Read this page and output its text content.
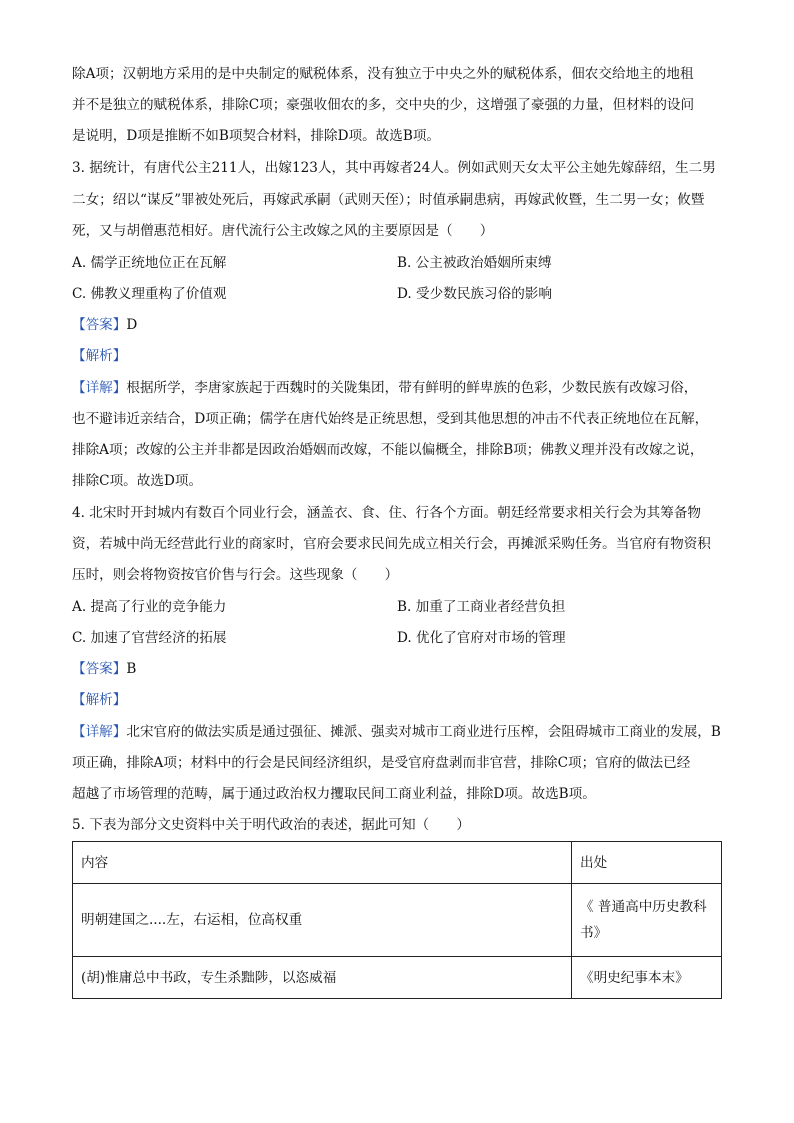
除A项；汉朝地方采用的是中央制定的赋税体系，没有独立于中央之外的赋税体系，佃农交给地主的地租
并不是独立的赋税体系，排除C项；豪强收佃农的多，交中央的少，这增强了豪强的力量，但材料的设问
是说明，D项是推断不如B项契合材料，排除D项。故选B项。
3. 据统计，有唐代公主211人，出嫁123人，其中再嫁者24人。例如武则天女太平公主她先嫁薛绍，生二男
二女；绍以“谋反”罪被处死后，再嫁武承嗣（武则天侄）；时值承嗣患病，再嫁武攸暨，生二男一女；攸暨
死，又与胡僧惠范相好。唐代流行公主改嫁之风的主要原因是（　　）
A. 儒学正统地位正在瓦解	B. 公主被政治婚姻所束缚
C. 佛教义理重构了价值观	D. 受少数民族习俗的影响
【答案】D
【解析】
【详解】根据所学，李唐家族起于西魏时的关陇集团，带有鲜明的鲜卑族的色彩，少数民族有改嫁习俗，
也不避讳近亲结合，D项正确；儒学在唐代始终是正统思想，受到其他思想的冲击不代表正统地位在瓦解，
排除A项；改嫁的公主并非都是因政治婚姻而改嫁，不能以偏概全，排除B项；佛教义理并没有改嫁之说，
排除C项。故选D项。
4. 北宋时开封城内有数百个同业行会，涵盖衣、食、住、行各个方面。朝廷经常要求相关行会为其筹备物
资，若城中尚无经营此行业的商家时，官府会要求民间先成立相关行会，再摊派采购任务。当官府有物资积
压时，则会将物资按官价售与行会。这些现象（　　）
A. 提高了行业的竞争能力	B. 加重了工商业者经营负担
C. 加速了官营经济的拓展	D. 优化了官府对市场的管理
【答案】B
【解析】
【详解】北宋官府的做法实质是通过强征、摊派、强卖对城市工商业进行压榨，会阻碍城市工商业的发展，B
项正确，排除A项；材料中的行会是民间经济组织，是受官府盘剥而非官营，排除C项；官府的做法已经
超越了市场管理的范畴，属于通过政治权力攫取民间工商业利益，排除D项。故选B项。
5. 下表为部分文史资料中关于明代政治的表述，据此可知（　　）
内容	出处
明朝建国之....左，右运相，位高权重	《 普通高中历史教科
书》

(胡)惟庸总中书政，专生杀黜陟，以恣威福	《明史纪事本末》
